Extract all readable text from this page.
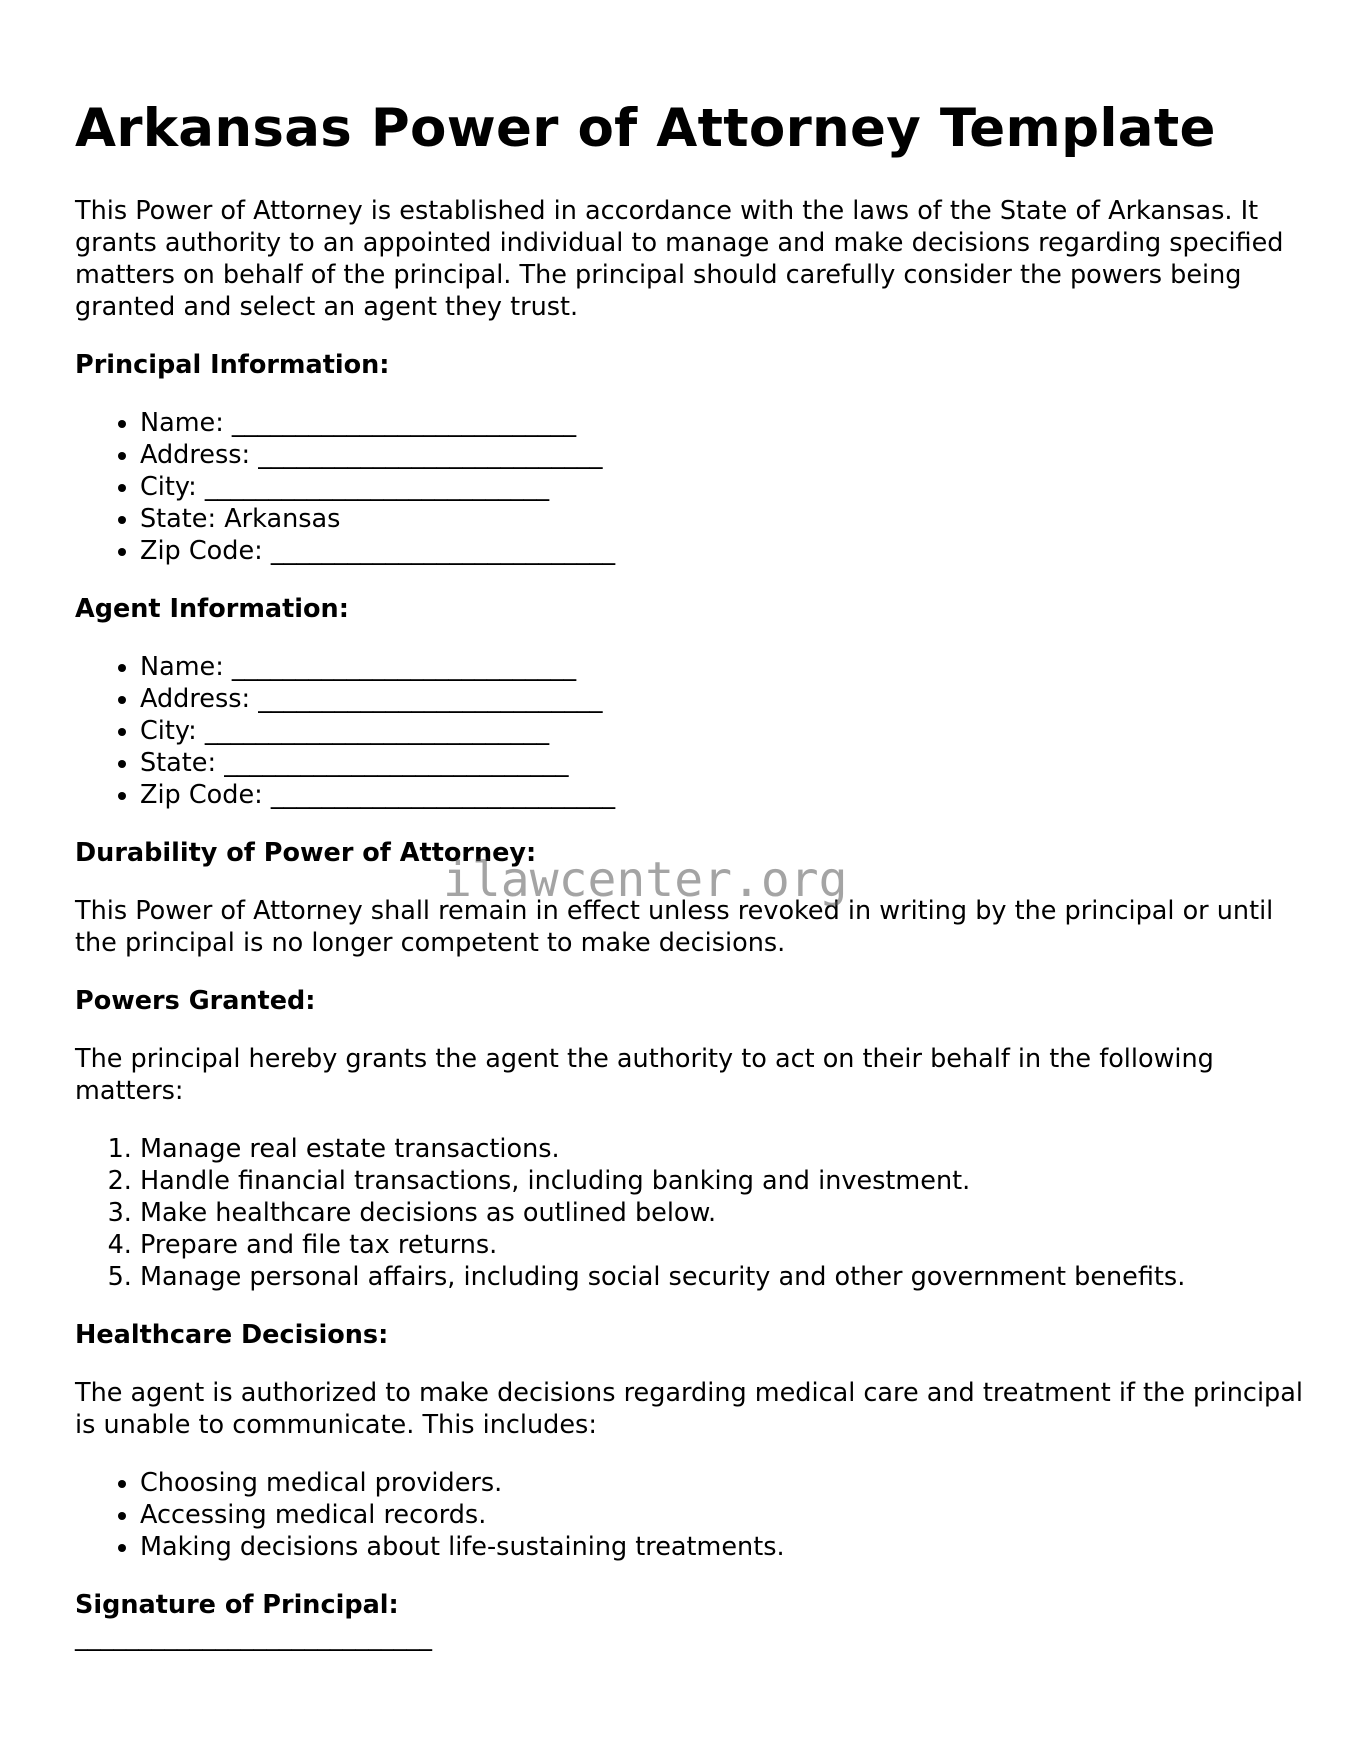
Arkansas Power of Attorney Template

This Power of Attorney is established in accordance with the laws of the State of Arkansas. It grants authority to an appointed individual to manage and make decisions regarding specified matters on behalf of the principal. The principal should carefully consider the powers being granted and select an agent they trust.

Principal Information:
• Name: ___________________________
• Address: ___________________________
• City: ___________________________
• State: Arkansas
• Zip Code: ___________________________
Agent Information:
• Name: ___________________________
• Address: ___________________________
• City: ___________________________
• State: ___________________________
• Zip Code: ___________________________
Durability of Power of Attorney:

This Power of Attorney shall remain in effect unless revoked in writing by the principal or until the principal is no longer competent to make decisions.

Powers Granted:

The principal hereby grants the agent the authority to act on their behalf in the following matters:

1. Manage real estate transactions.
2. Handle financial transactions, including banking and investment.
3. Make healthcare decisions as outlined below.
4. Prepare and file tax returns.
5. Manage personal affairs, including social security and other government benefits.
Healthcare Decisions:

The agent is authorized to make decisions regarding medical care and treatment if the principal is unable to communicate. This includes:

• Choosing medical providers.
• Accessing medical records.
• Making decisions about life-sustaining treatments.
Signature of Principal:

____________________________

ilawcenter.org
